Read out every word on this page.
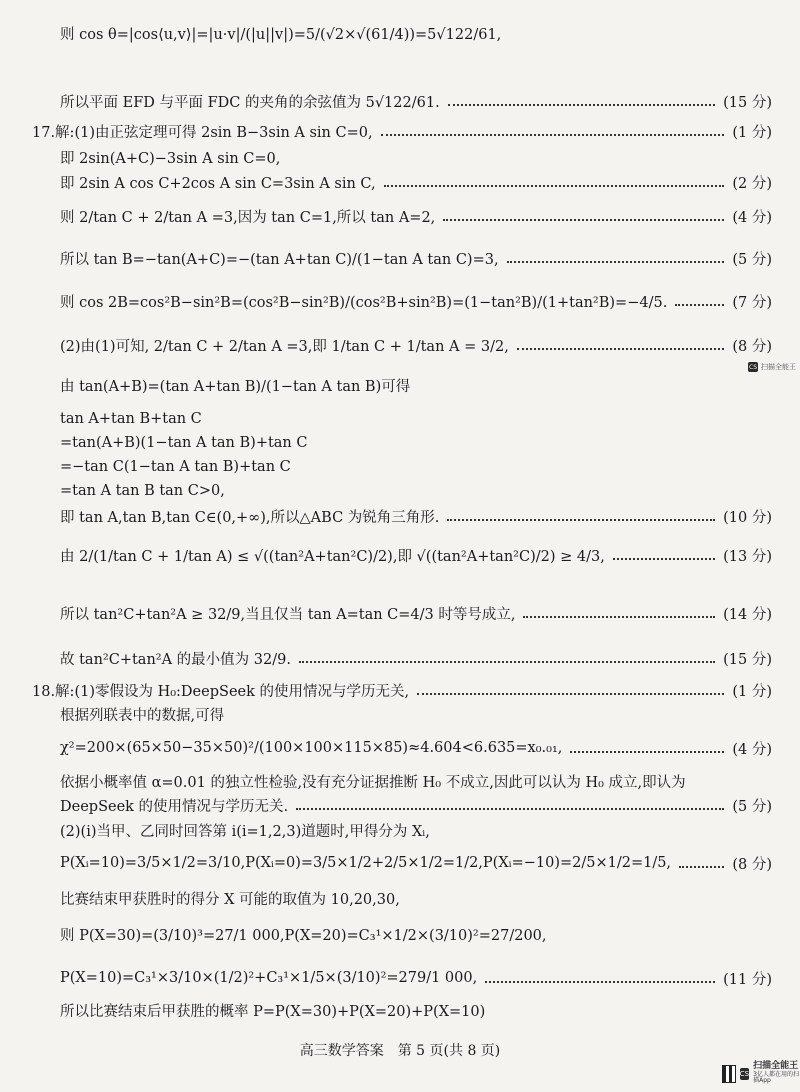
则 cos θ=|cos⟨u,v⟩|=|u·v|/(|u||v|)=5/(√2×√(61/4))=5√122/61,
所以平面 EFD 与平面 FDC 的夹角的余弦值为 5√122/61.	(15 分)
17.解:(1)由正弦定理可得 2sin B−3sin A sin C=0,	(1 分)
即 2sin(A+C)−3sin A sin C=0,
即 2sin A cos C+2cos A sin C=3sin A sin C,	(2 分)
则 2/tan C + 2/tan A =3,因为 tan C=1,所以 tan A=2,	(4 分)
所以 tan B=−tan(A+C)=−(tan A+tan C)/(1−tan A tan C)=3,	(5 分)
则 cos 2B=cos²B−sin²B=(cos²B−sin²B)/(cos²B+sin²B)=(1−tan²B)/(1+tan²B)=−4/5.	(7 分)
(2)由(1)可知, 2/tan C + 2/tan A =3,即 1/tan C + 1/tan A = 3/2,	(8 分)
由 tan(A+B)=(tan A+tan B)/(1−tan A tan B)可得
tan A+tan B+tan C
=tan(A+B)(1−tan A tan B)+tan C
=−tan C(1−tan A tan B)+tan C
=tan A tan B tan C>0,
即 tan A,tan B,tan C∈(0,+∞),所以△ABC 为锐角三角形.	(10 分)
由 2/(1/tan C + 1/tan A) ≤ √((tan²A+tan²C)/2),即 √((tan²A+tan²C)/2) ≥ 4/3,	(13 分)
所以 tan²C+tan²A ≥ 32/9,当且仅当 tan A=tan C=4/3 时等号成立,	(14 分)
故 tan²C+tan²A 的最小值为 32/9.	(15 分)
18.解:(1)零假设为 H₀:DeepSeek 的使用情况与学历无关,	(1 分)
根据列联表中的数据,可得
χ²=200×(65×50−35×50)²/(100×100×115×85)≈4.604<6.635=x₀.₀₁,	(4 分)
依据小概率值 α=0.01 的独立性检验,没有充分证据推断 H₀ 不成立,因此可以认为 H₀ 成立,即认为
DeepSeek 的使用情况与学历无关.	(5 分)
(2)(i)当甲、乙同时回答第 i(i=1,2,3)道题时,甲得分为 Xᵢ,
P(Xᵢ=10)=3/5×1/2=3/10,P(Xᵢ=0)=3/5×1/2+2/5×1/2=1/2,P(Xᵢ=−10)=2/5×1/2=1/5,	(8 分)
比赛结束甲获胜时的得分 X 可能的取值为 10,20,30,
则 P(X=30)=(3/10)³=27/1 000,P(X=20)=C₃¹×1/2×(3/10)²=27/200,
P(X=10)=C₃¹×3/10×(1/2)²+C₃¹×1/5×(3/10)²=279/1 000,	(11 分)
所以比赛结束后甲获胜的概率 P=P(X=30)+P(X=20)+P(X=10)
高三数学答案　第 5 页(共 8 页)
CS 扫描全能王
CS
扫描全能王
3亿人都在用的扫描App
